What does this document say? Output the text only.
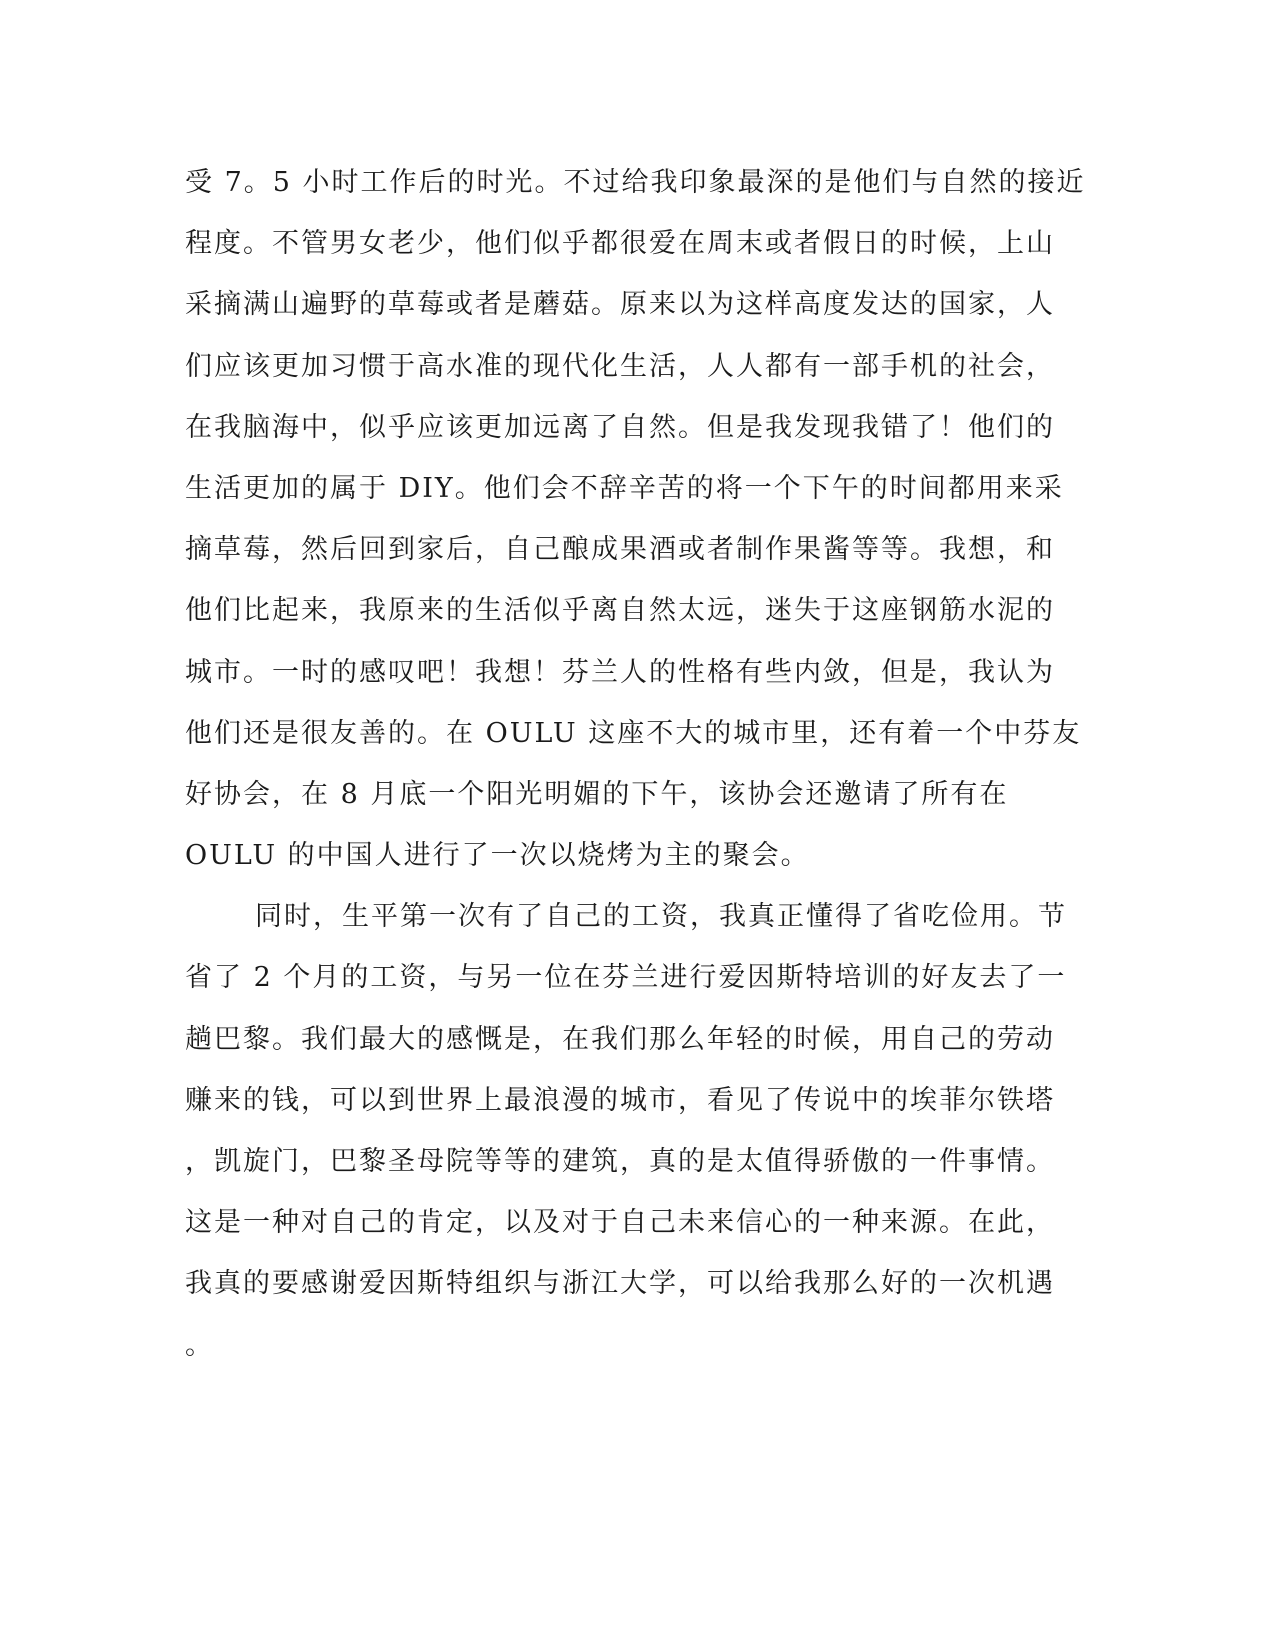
受 7。5 小时工作后的时光。不过给我印象最深的是他们与自然的接近
程度。不管男女老少，他们似乎都很爱在周末或者假日的时候，上山
采摘满山遍野的草莓或者是蘑菇。原来以为这样高度发达的国家，人
们应该更加习惯于高水准的现代化生活，人人都有一部手机的社会，
在我脑海中，似乎应该更加远离了自然。但是我发现我错了！他们的
生活更加的属于 DIY。他们会不辞辛苦的将一个下午的时间都用来采
摘草莓，然后回到家后，自己酿成果酒或者制作果酱等等。我想，和
他们比起来，我原来的生活似乎离自然太远，迷失于这座钢筋水泥的
城市。一时的感叹吧！我想！芬兰人的性格有些内敛，但是，我认为
他们还是很友善的。在 OULU 这座不大的城市里，还有着一个中芬友
好协会，在 8 月底一个阳光明媚的下午，该协会还邀请了所有在
OULU 的中国人进行了一次以烧烤为主的聚会。
同时，生平第一次有了自己的工资，我真正懂得了省吃俭用。节
省了 2 个月的工资，与另一位在芬兰进行爱因斯特培训的好友去了一
趟巴黎。我们最大的感慨是，在我们那么年轻的时候，用自己的劳动
赚来的钱，可以到世界上最浪漫的城市，看见了传说中的埃菲尔铁塔
，凯旋门，巴黎圣母院等等的建筑，真的是太值得骄傲的一件事情。
这是一种对自己的肯定，以及对于自己未来信心的一种来源。在此，
我真的要感谢爱因斯特组织与浙江大学，可以给我那么好的一次机遇
。
